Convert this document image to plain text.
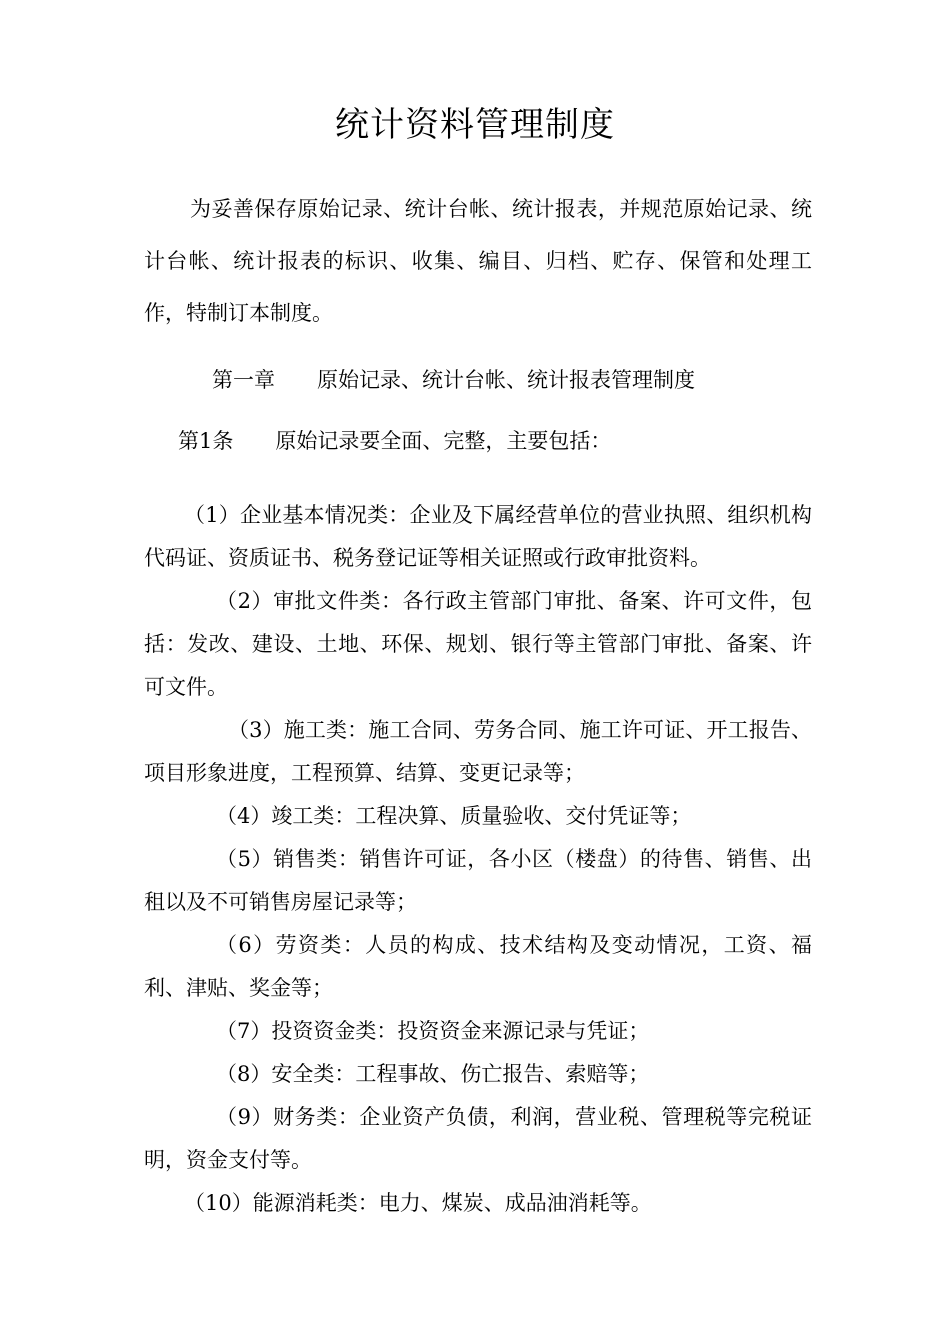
统计资料管理制度

为妥善保存原始记录、统计台帐、统计报表，并规范原始记录、统计台帐、统计报表的标识、收集、编目、归档、贮存、保管和处理工作，特制订本制度。

第一章　　原始记录、统计台帐、统计报表管理制度
第1条　　原始记录要全面、完整，主要包括：

（1）企业基本情况类：企业及下属经营单位的营业执照、组织机构代码证、资质证书、税务登记证等相关证照或行政审批资料。

（2）审批文件类：各行政主管部门审批、备案、许可文件，包括：发改、建设、土地、环保、规划、银行等主管部门审批、备案、许可文件。

（3）施工类：施工合同、劳务合同、施工许可证、开工报告、项目形象进度，工程预算、结算、变更记录等；

（4）竣工类：工程决算、质量验收、交付凭证等；

（5）销售类：销售许可证，各小区（楼盘）的待售、销售、出租以及不可销售房屋记录等；

（6）劳资类：人员的构成、技术结构及变动情况，工资、福利、津贴、奖金等；

（7）投资资金类：投资资金来源记录与凭证；

（8）安全类：工程事故、伤亡报告、索赔等；

（9）财务类：企业资产负债，利润，营业税、管理税等完税证明，资金支付等。

（10）能源消耗类：电力、煤炭、成品油消耗等。
